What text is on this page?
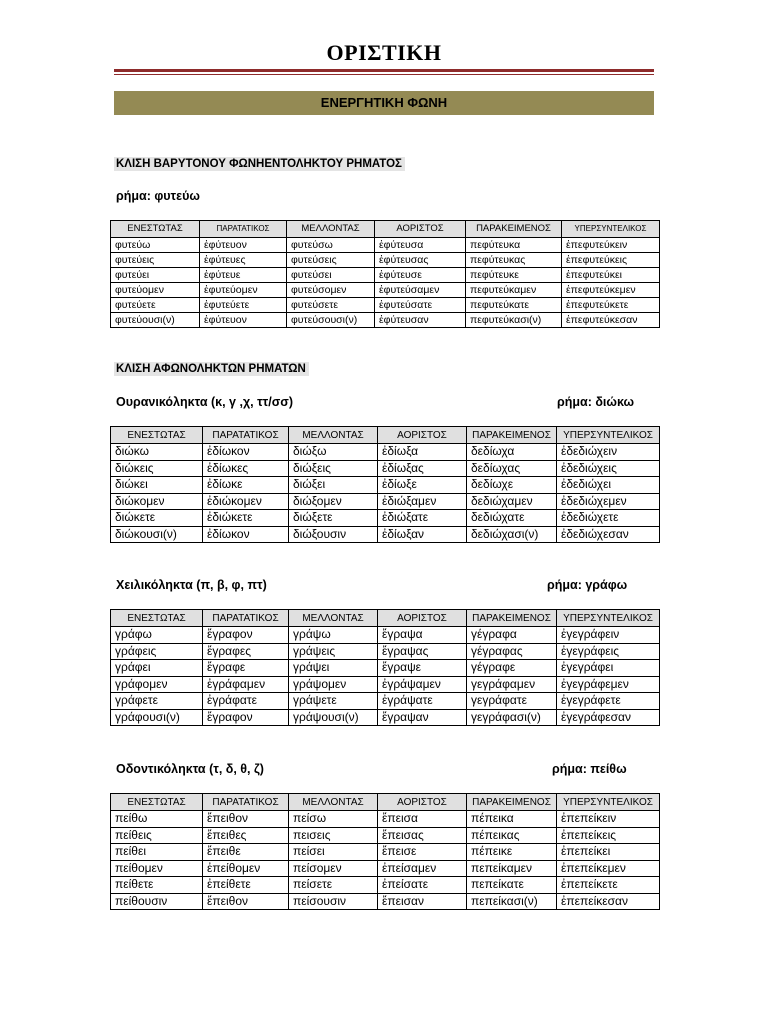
ΟΡΙΣΤΙΚΗ
ΕΝΕΡΓΗΤΙΚΗ ΦΩΝΗ
ΚΛΙΣΗ ΒΑΡΥΤΟΝΟΥ ΦΩΝΗΕΝΤΟΛΗΚΤΟΥ ΡΗΜΑΤΟΣ
ρήμα: φυτεύω
ΕΝΕΣΤΩΤΑΣ	ΠΑΡΑΤΑΤΙΚΟΣ	ΜΕΛΛΟΝΤΑΣ	ΑΟΡΙΣΤΟΣ	ΠΑΡΑΚΕΙΜΕΝΟΣ	ΥΠΕΡΣΥΝΤΕΛΙΚΟΣ
φυτεύω	ἐφύτευον	φυτεύσω	ἐφύτευσα	πεφύτευκα	ἐπεφυτεύκειν
φυτεύεις	ἐφύτευες	φυτεύσεις	ἐφύτευσας	πεφύτευκας	ἐπεφυτεύκεις
φυτεύει	ἐφύτευε	φυτεύσει	ἐφύτευσε	πεφύτευκε	ἐπεφυτεύκει
φυτεύομεν	ἐφυτεύομεν	φυτεύσομεν	ἐφυτεύσαμεν	πεφυτεύκαμεν	ἐπεφυτεύκεμεν
φυτεύετε	ἐφυτεύετε	φυτεύσετε	ἐφυτεύσατε	πεφυτεύκατε	ἐπεφυτεύκετε
φυτεύουσι(ν)	ἐφύτευον	φυτεύσουσι(ν)	ἐφύτευσαν	πεφυτεύκασι(ν)	ἐπεφυτεύκεσαν
ΚΛΙΣΗ ΑΦΩΝΟΛΗΚΤΩΝ ΡΗΜΑΤΩΝ
Ουρανικόληκτα (κ, γ ,χ, ττ/σσ)	ρήμα: διώκω
ΕΝΕΣΤΩΤΑΣ	ΠΑΡΑΤΑΤΙΚΟΣ	ΜΕΛΛΟΝΤΑΣ	ΑΟΡΙΣΤΟΣ	ΠΑΡΑΚΕΙΜΕΝΟΣ	ΥΠΕΡΣΥΝΤΕΛΙΚΟΣ
διώκω	ἐδίωκον	διώξω	ἐδίωξα	δεδίωχα	ἐδεδιώχειν
διώκεις	ἐδίωκες	διώξεις	ἐδίωξας	δεδίωχας	ἐδεδιώχεις
διώκει	ἐδίωκε	διώξει	ἐδίωξε	δεδίωχε	ἐδεδιώχει
διώκομεν	ἐδιώκομεν	διώξομεν	ἐδιώξαμεν	δεδιώχαμεν	ἐδεδιώχεμεν
διώκετε	ἐδιώκετε	διώξετε	ἐδιώξατε	δεδιώχατε	ἐδεδιώχετε
διώκουσι(ν)	ἐδίωκον	διώξουσιν	ἐδίωξαν	δεδιώχασι(ν)	ἐδεδιώχεσαν
Χειλικόληκτα (π, β, φ, πτ)	ρήμα: γράφω
ΕΝΕΣΤΩΤΑΣ	ΠΑΡΑΤΑΤΙΚΟΣ	ΜΕΛΛΟΝΤΑΣ	ΑΟΡΙΣΤΟΣ	ΠΑΡΑΚΕΙΜΕΝΟΣ	ΥΠΕΡΣΥΝΤΕΛΙΚΟΣ
γράφω	ἔγραφον	γράψω	ἔγραψα	γέγραφα	ἐγεγράφειν
γράφεις	ἔγραφες	γράψεις	ἔγραψας	γέγραφας	ἐγεγράφεις
γράφει	ἔγραφε	γράψει	ἔγραψε	γέγραφε	ἐγεγράφει
γράφομεν	ἐγράφαμεν	γράψομεν	ἐγράψαμεν	γεγράφαμεν	ἐγεγράφεμεν
γράφετε	ἐγράφατε	γράψετε	ἐγράψατε	γεγράφατε	ἐγεγράφετε
γράφουσι(ν)	ἔγραφον	γράψουσι(ν)	ἔγραψαν	γεγράφασι(ν)	ἐγεγράφεσαν
Οδοντικόληκτα (τ, δ, θ, ζ)	ρήμα: πείθω
ΕΝΕΣΤΩΤΑΣ	ΠΑΡΑΤΑΤΙΚΟΣ	ΜΕΛΛΟΝΤΑΣ	ΑΟΡΙΣΤΟΣ	ΠΑΡΑΚΕΙΜΕΝΟΣ	ΥΠΕΡΣΥΝΤΕΛΙΚΟΣ
πείθω	ἔπειθον	πείσω	ἔπεισα	πέπεικα	ἐπεπείκειν
πείθεις	ἔπειθες	πεισεις	ἔπεισας	πέπεικας	ἐπεπείκεις
πείθει	ἔπειθε	πείσει	ἔπεισε	πέπεικε	ἐπεπείκει
πείθομεν	ἐπείθομεν	πείσομεν	ἐπείσαμεν	πεπείκαμεν	ἐπεπείκεμεν
πείθετε	ἐπείθετε	πείσετε	ἐπείσατε	πεπείκατε	ἐπεπείκετε
πείθουσιν	ἔπειθον	πείσουσιν	ἔπεισαν	πεπείκασι(ν)	ἐπεπείκεσαν
